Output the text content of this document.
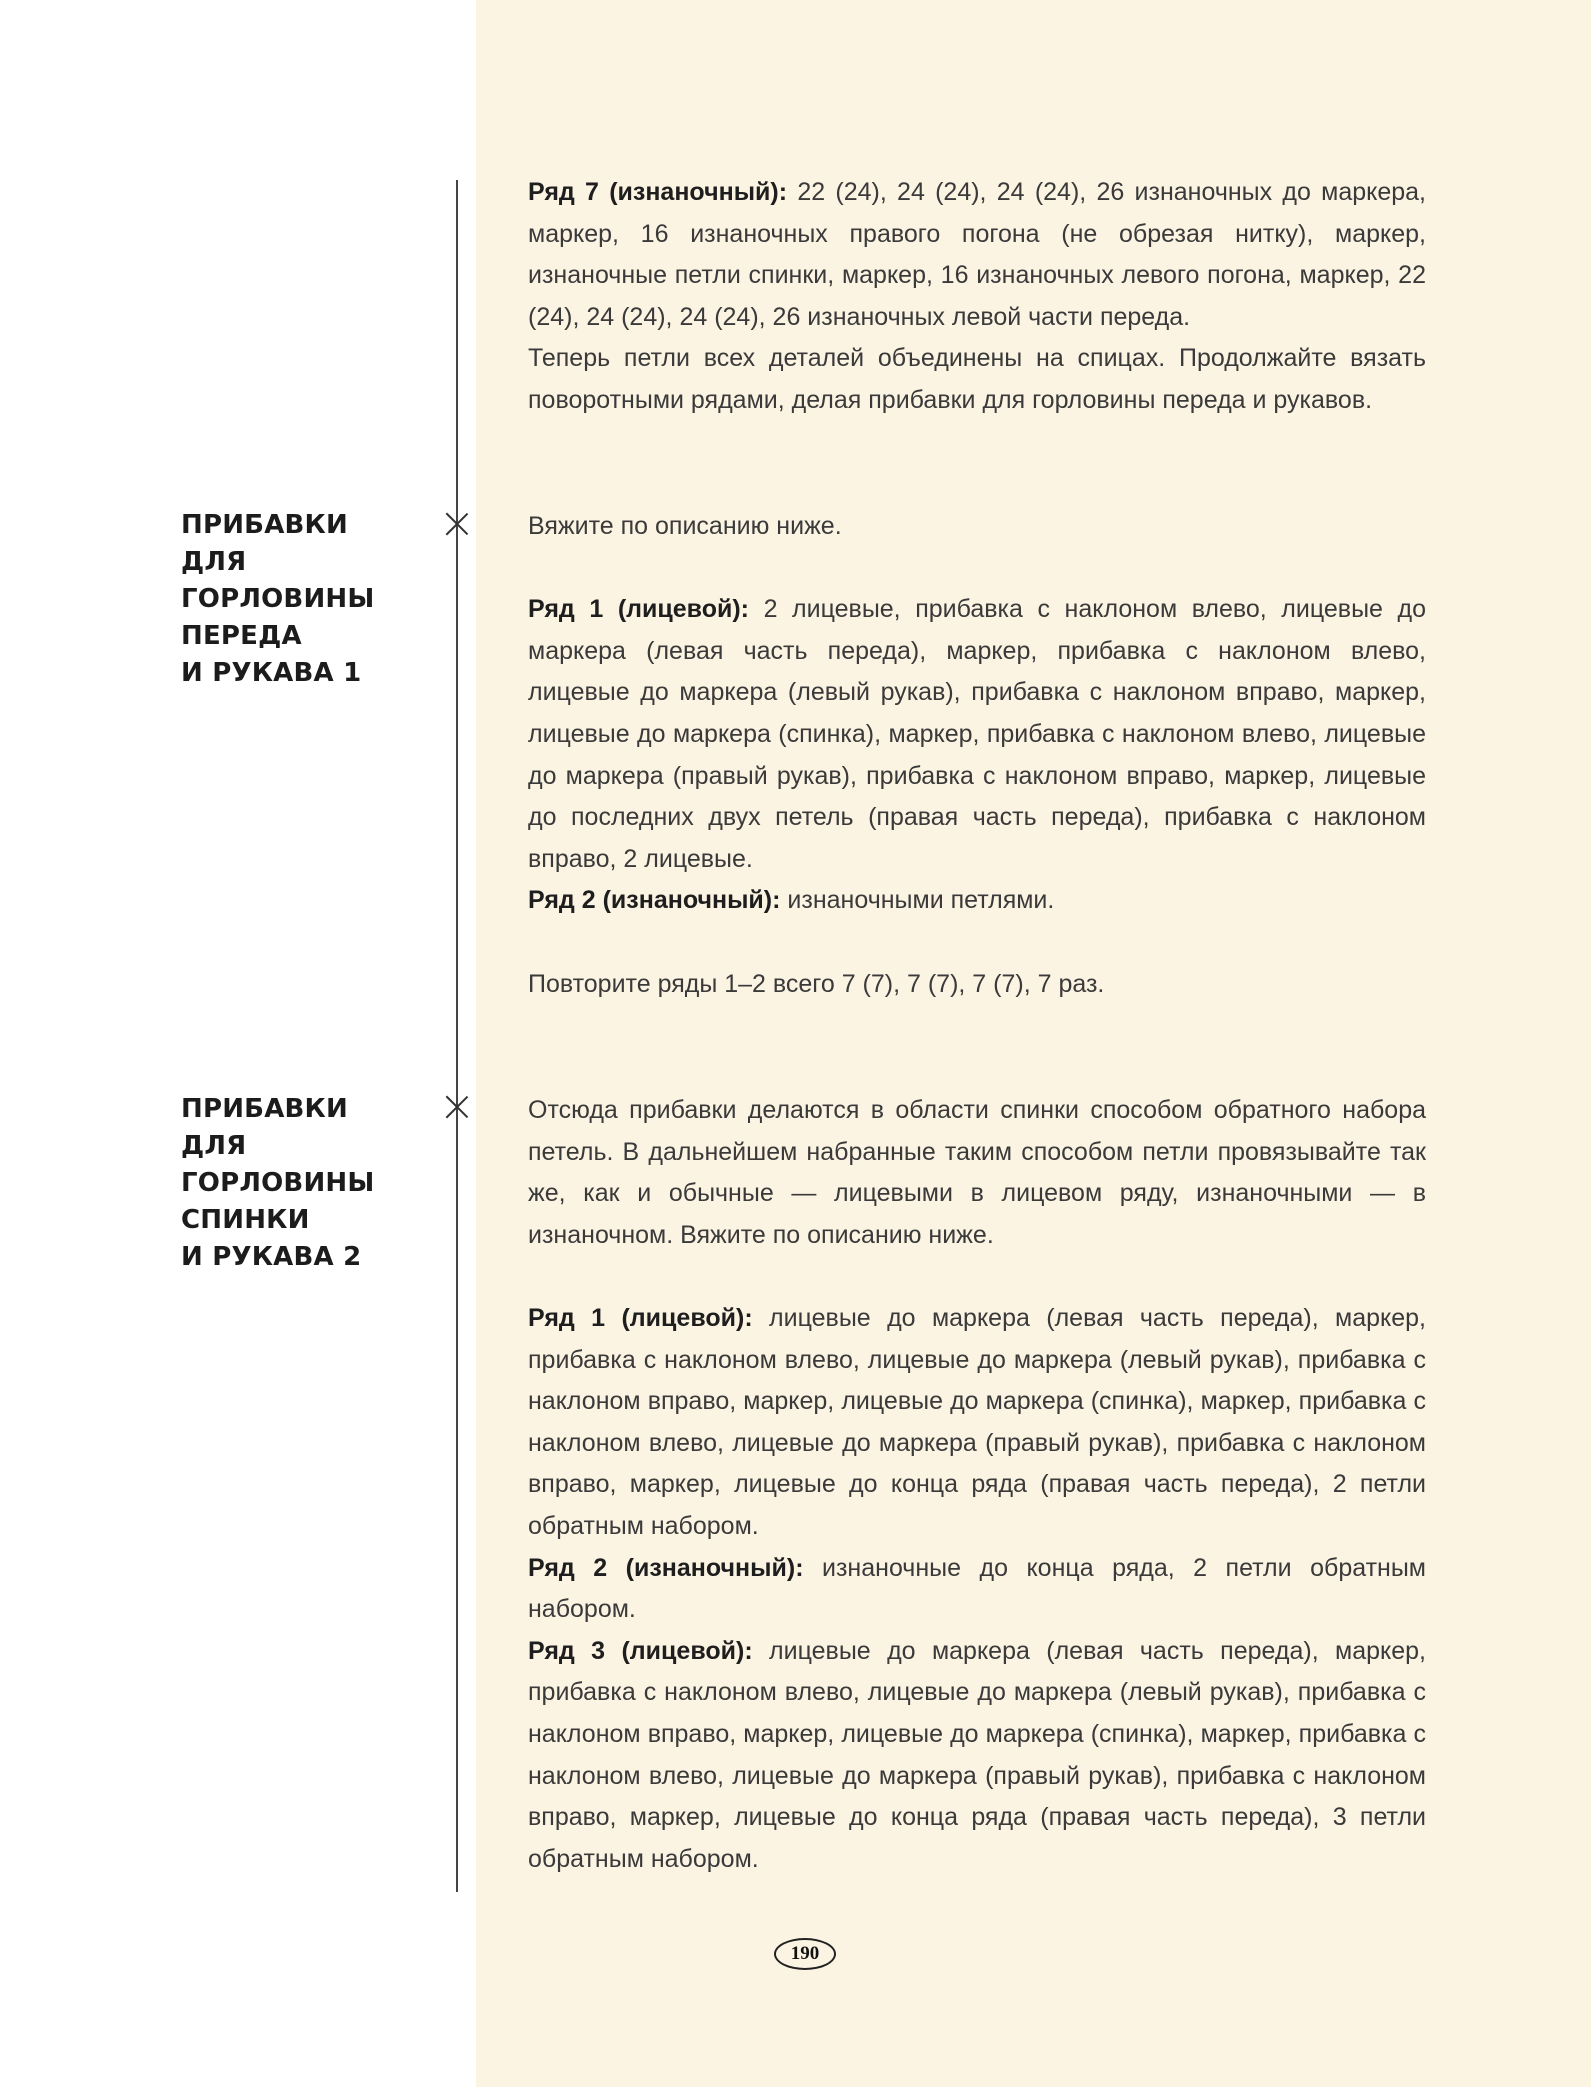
ПРИБАВКИ
ДЛЯ ГОРЛОВИНЫ
ПЕРЕДА
И РУКАВА 1
ПРИБАВКИ
ДЛЯ ГОРЛОВИНЫ
СПИНКИ
И РУКАВА 2

Ряд 7 (изнаночный): 22 (24), 24 (24), 24 (24), 26 изнаночных до маркера, маркер, 16 изнаночных правого погона (не обрезая нитку), маркер, изнаночные петли спинки, маркер, 16 изнаночных левого погона, маркер, 22 (24), 24 (24), 24 (24), 26 изнаночных левой части переда.

Теперь петли всех деталей объединены на спицах. Продолжайте вязать поворотными рядами, делая прибавки для горловины переда и рукавов.

Вяжите по описанию ниже.

Ряд 1 (лицевой): 2 лицевые, прибавка с наклоном влево, лицевые до маркера (левая часть переда), маркер, прибавка с наклоном влево, лицевые до маркера (левый рукав), прибавка с наклоном вправо, маркер, лицевые до маркера (спинка), маркер, прибавка с наклоном влево, лицевые до маркера (правый рукав), прибавка с наклоном вправо, маркер, лицевые до последних двух петель (правая часть переда), прибавка с наклоном вправо, 2 лицевые.

Ряд 2 (изнаночный): изнаночными петлями.

Повторите ряды 1–2 всего 7 (7), 7 (7), 7 (7), 7 раз.

Отсюда прибавки делаются в области спинки способом обратного набора петель. В дальнейшем набранные таким способом петли провязывайте так же, как и обычные — лицевыми в лицевом ряду, изнаночными — в изнаночном. Вяжите по описанию ниже.

Ряд 1 (лицевой): лицевые до маркера (левая часть переда), маркер, прибавка с наклоном влево, лицевые до маркера (левый рукав), прибавка с наклоном вправо, маркер, лицевые до маркера (спинка), маркер, прибавка с наклоном влево, лицевые до маркера (правый рукав), прибавка с наклоном вправо, маркер, лицевые до конца ряда (правая часть переда), 2 петли обратным набором.

Ряд 2 (изнаночный): изнаночные до конца ряда, 2 петли обратным набором.

Ряд 3 (лицевой): лицевые до маркера (левая часть переда), маркер, прибавка с наклоном влево, лицевые до маркера (левый рукав), прибавка с наклоном вправо, маркер, лицевые до маркера (спинка), маркер, прибавка с наклоном влево, лицевые до маркера (правый рукав), прибавка с наклоном вправо, маркер, лицевые до конца ряда (правая часть переда), 3 петли обратным набором.

190
